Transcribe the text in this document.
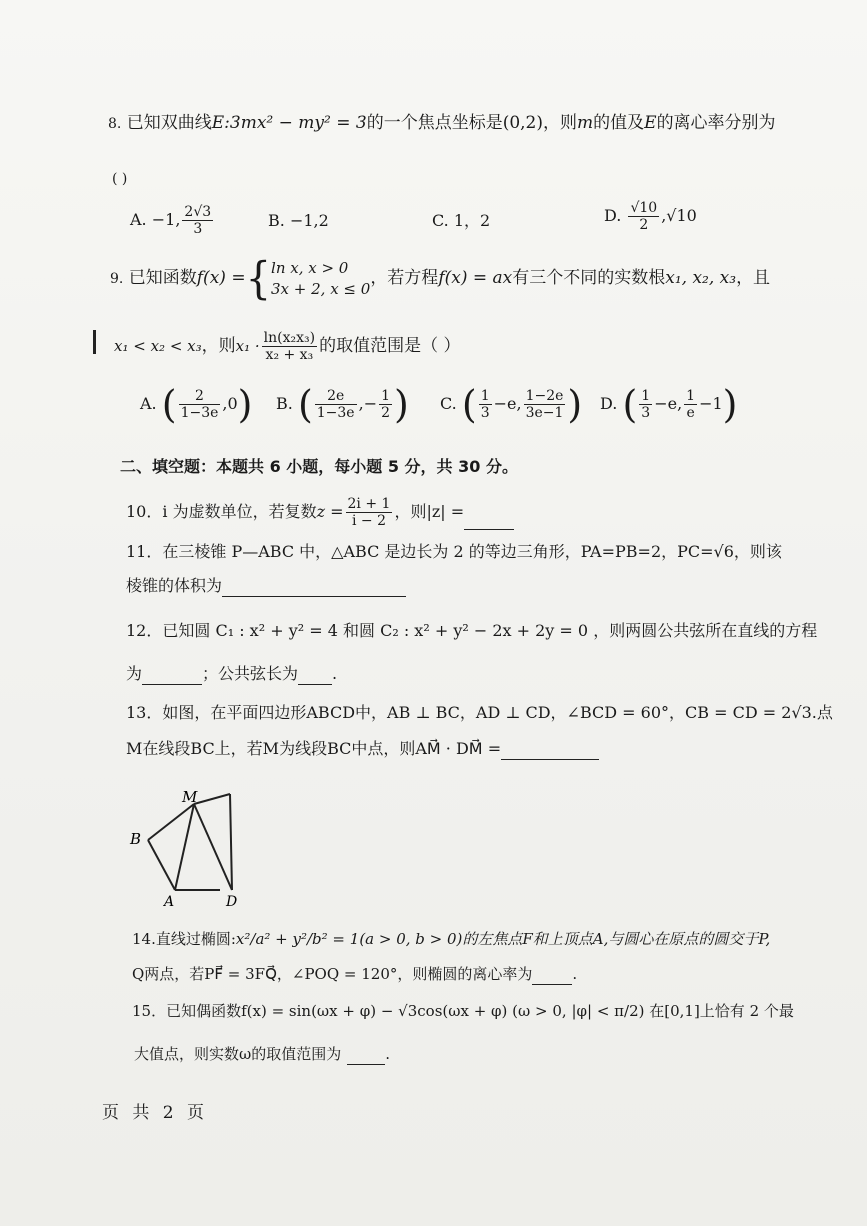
8. 已知双曲线E:3mx² − my² = 3的一个焦点坐标是(0,2)，则m的值及E的离心率分别为
( )
A. −1, $\frac{2√3}{3}$	B. −1,2	C. 1，2	D. $\frac{√10}{2} ,√10$
9. 已知函数f(x) ={ ln x, x > 0
3x + 2, x ≤ 0
，若方程f(x) = ax有三个不同的实数根x₁, x₂, x₃，且
x₁ < x₂ < x₃，则$x_1 \cdot \frac{\text{ln(x₂x₃)}}{\text{x₂ + x₃}}$ 的取值范围是（ ）
A. ( $\frac{2}{1-3e} ,0$) B. ( $\frac{2e}{1-3e}$ ,− $\frac{1}{2}$ ) C. ( $\frac{1}{3} -e$, $\frac{1-2e}{3e-1}$ ) D. ( $\frac{1}{3} -e$, $\frac{1}{e} -1$)
二、填空题：本题共 6 小题，每小题 5 分，共 30 分。
10．i 为虚数单位，若复数$z = \frac{2i + 1}{i - 2}$ ，则|z| =
11．在三棱锥 P—ABC 中，△ABC 是边长为 2 的等边三角形，PA=PB=2，PC=√6，则该
棱锥的体积为
12．已知圆 C₁ : x² + y² = 4 和圆 C₂ : x² + y² − 2x + 2y = 0 ，则两圆公共弦所在直线的方程
为	；公共弦长为 .
13．如图，在平面四边形ABCD中，AB ⊥ BC，AD ⊥ CD，∠BCD = 60°，CB = CD = 2√3.点
M在线段BC上，若M为线段BC中点，则AM⃗ · DM⃗ =
M
B
A	D
14.直线过椭圆:x²/a² + y²/b² = 1(a > 0, b > 0)的左焦点F和上顶点A,与圆心在原点的圆交于P,
Q两点，若PF⃗ = 3FQ⃗，∠POQ = 120°，则椭圆的离心率为	.
15．已知偶函数f(x) = sin(ωx + φ) − √3cos(ωx + φ) (ω > 0, |φ| < π/2) 在[0,1]上恰有 2 个最
大值点，则实数ω的取值范围为	.
页 共 2 页
